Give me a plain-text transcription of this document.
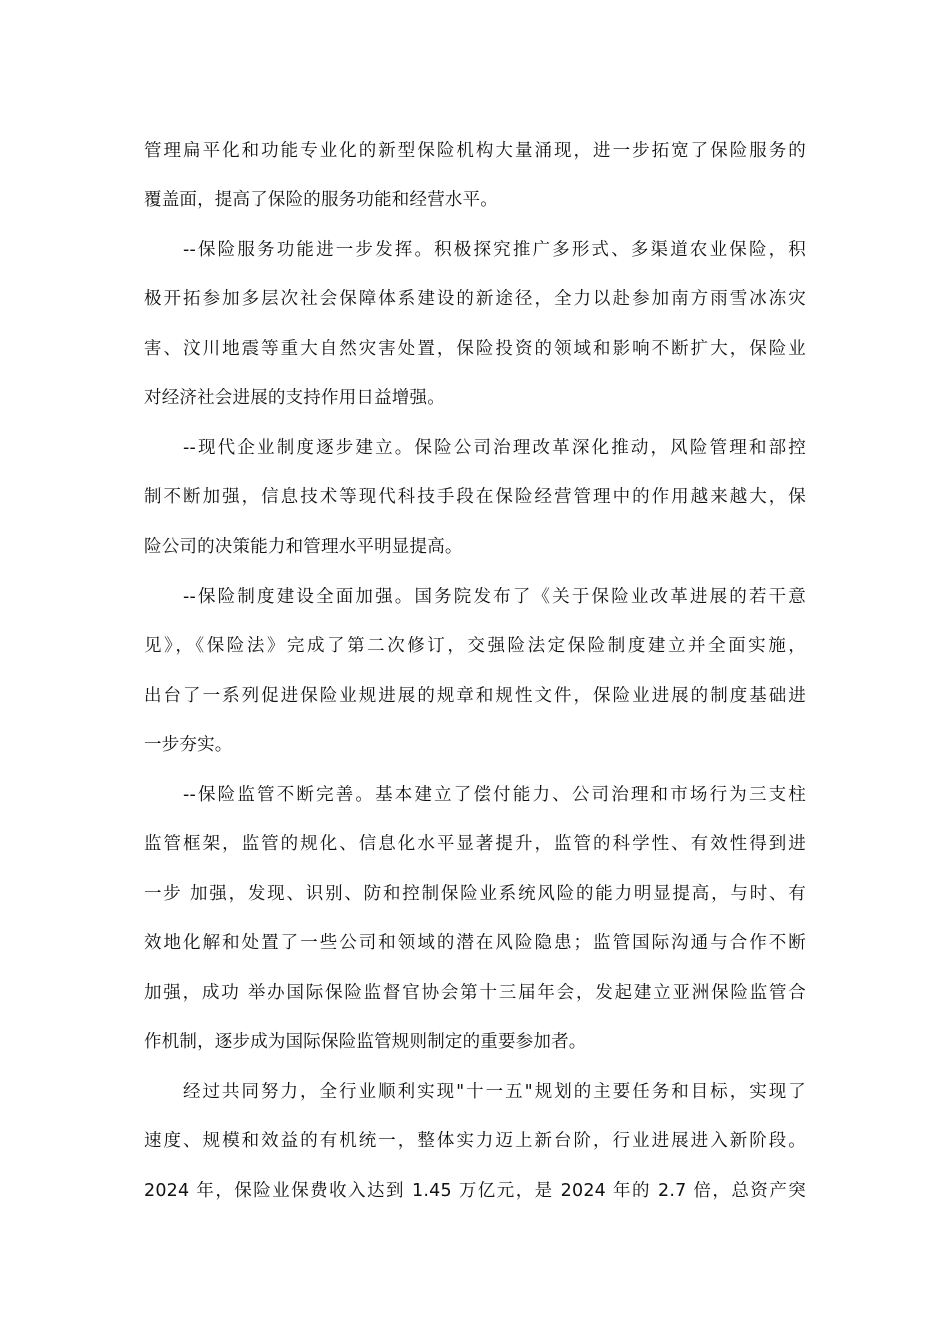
管理扁平化和功能专业化的新型保险机构大量涌现，进一步拓宽了保险服务的
覆盖面，提高了保险的服务功能和经营水平。
--保险服务功能进一步发挥。积极探究推广多形式、多渠道农业保险，积
极开拓参加多层次社会保障体系建设的新途径，全力以赴参加南方雨雪冰冻灾
害、汶川地震等重大自然灾害处置，保险投资的领域和影响不断扩大，保险业
对经济社会进展的支持作用日益增强。
--现代企业制度逐步建立。保险公司治理改革深化推动，风险管理和部控
制不断加强，信息技术等现代科技手段在保险经营管理中的作用越来越大，保
险公司的决策能力和管理水平明显提高。
--保险制度建设全面加强。国务院发布了《关于保险业改革进展的若干意
见》，《保险法》完成了第二次修订，交强险法定保险制度建立并全面实施，
出台了一系列促进保险业规进展的规章和规性文件，保险业进展的制度基础进
一步夯实。
--保险监管不断完善。基本建立了偿付能力、公司治理和市场行为三支柱
监管框架，监管的规化、信息化水平显著提升，监管的科学性、有效性得到进
一步 加强，发现、识别、防和控制保险业系统风险的能力明显提高，与时、有
效地化解和处置了一些公司和领域的潜在风险隐患；监管国际沟通与合作不断
加强，成功 举办国际保险监督官协会第十三届年会，发起建立亚洲保险监管合
作机制，逐步成为国际保险监管规则制定的重要参加者。
经过共同努力，全行业顺利实现"十一五"规划的主要任务和目标，实现了
速度、规模和效益的有机统一，整体实力迈上新台阶，行业进展进入新阶段。
2024 年，保险业保费收入达到 1.45 万亿元，是 2024 年的 2.7 倍，总资产突
